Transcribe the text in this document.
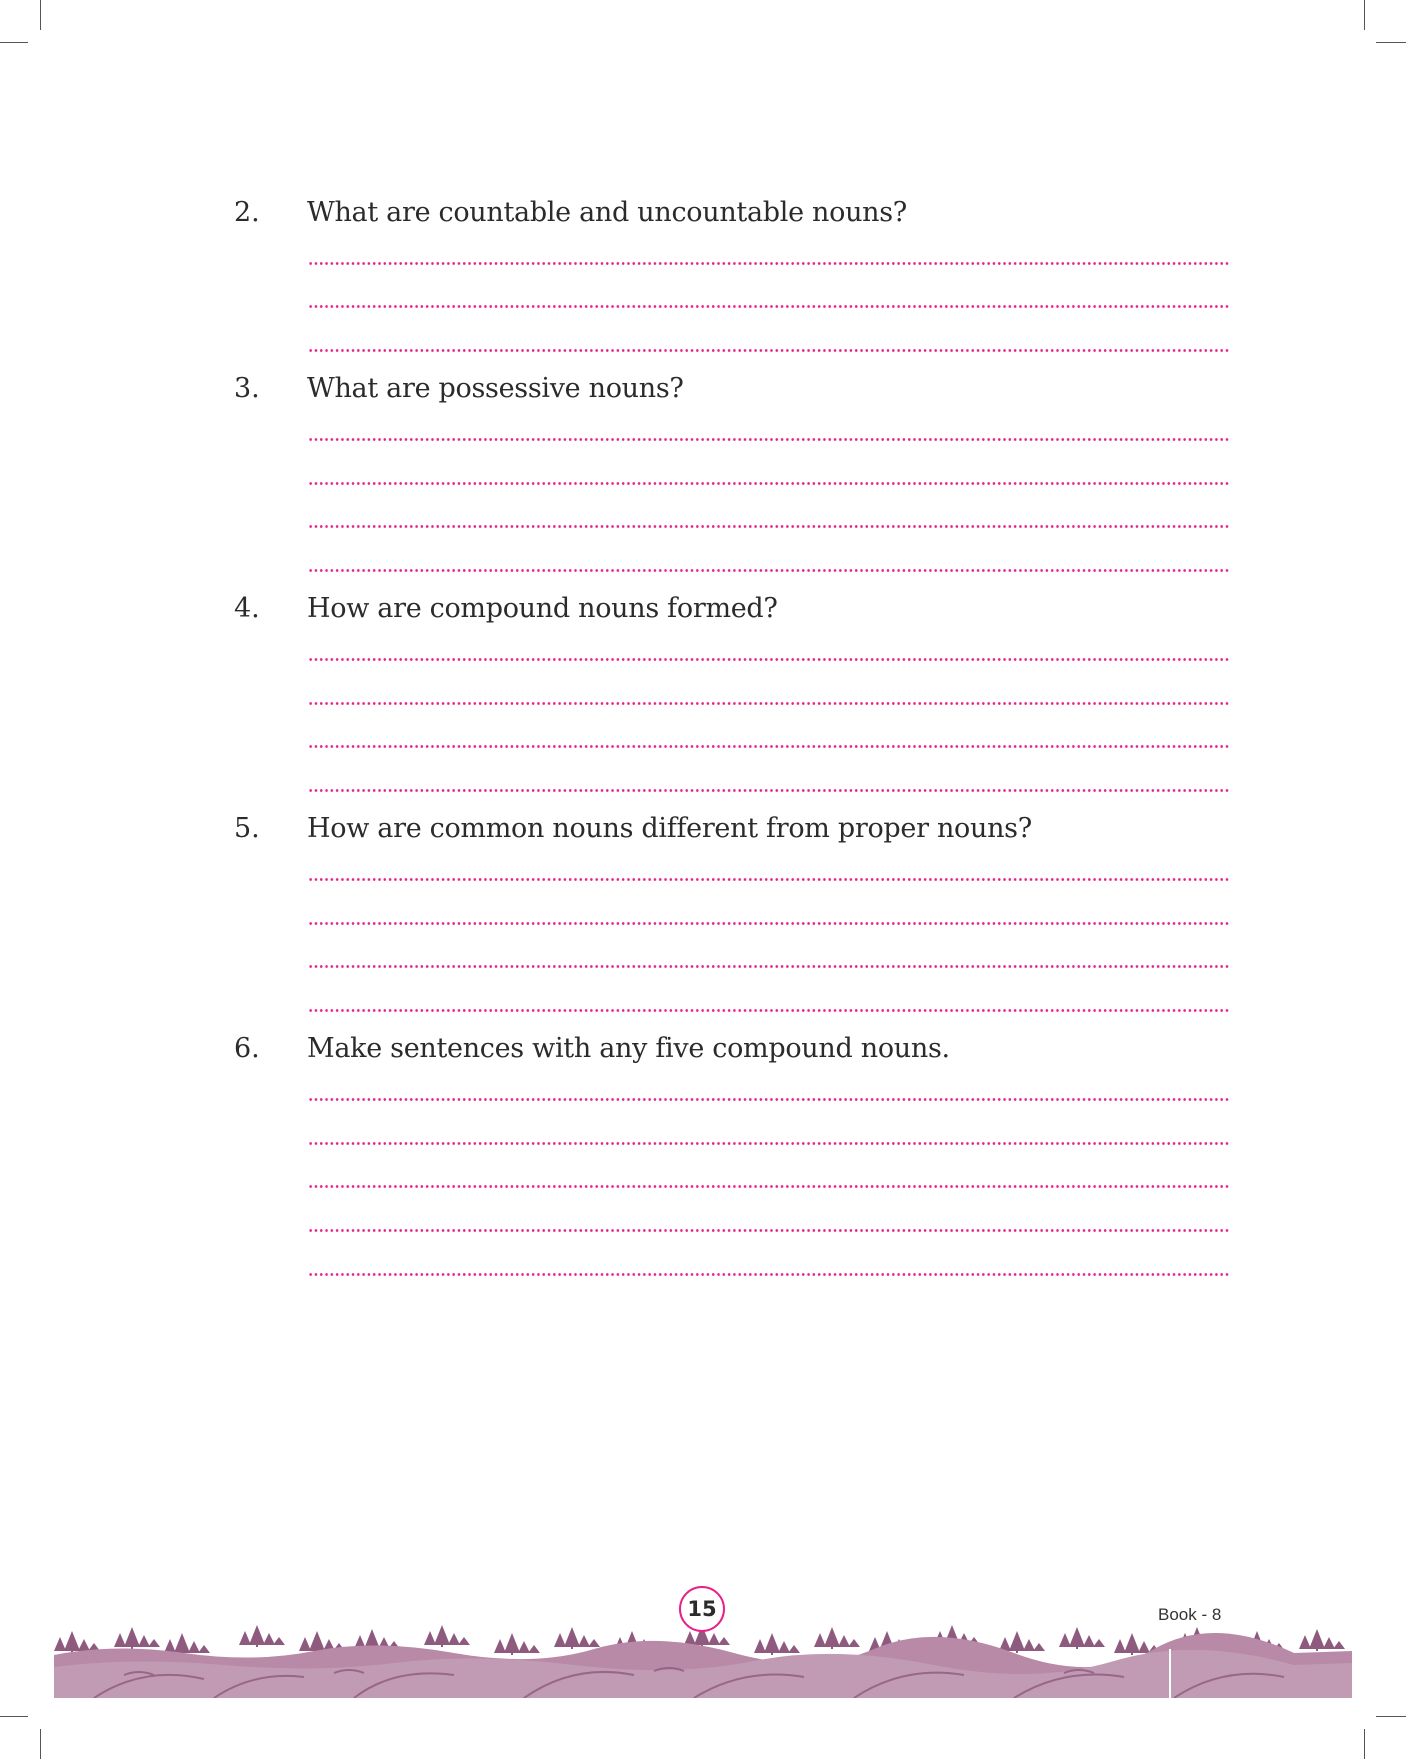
2. What are countable and uncountable nouns?
3. What are possessive nouns?
4. How are compound nouns formed?
5. How are common nouns different from proper nouns?
6. Make sentences with any five compound nouns.
15	Book - 8
